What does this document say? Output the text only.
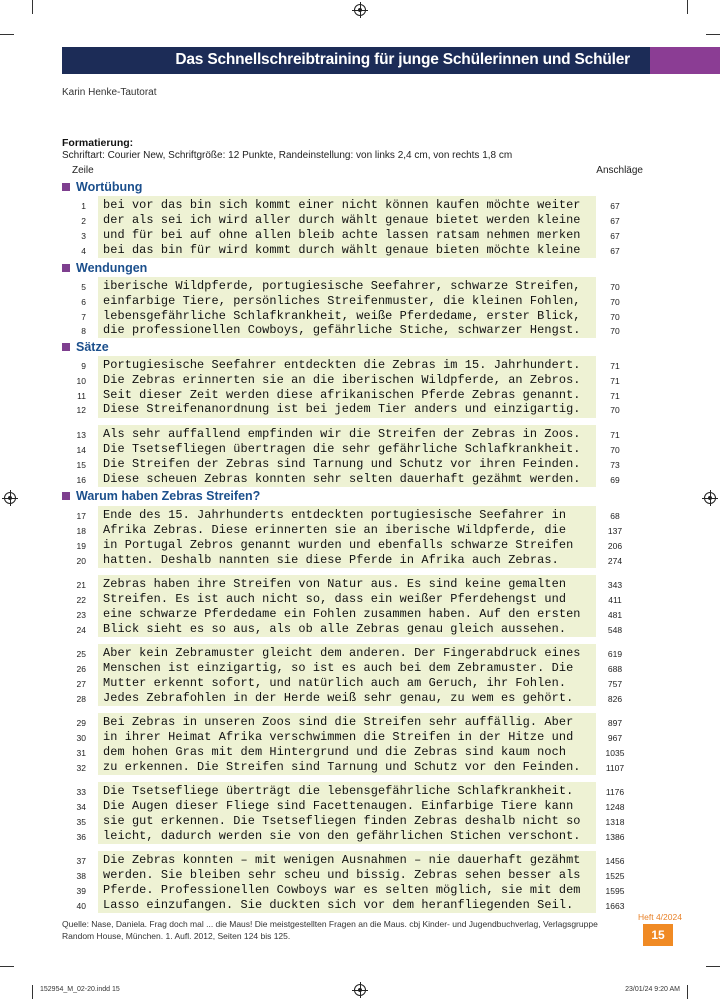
Das Schnellschreibtraining für junge Schülerinnen und Schüler
Karin Henke-Tautorat
Formatierung:
Schriftart: Courier New, Schriftgröße: 12 Punkte, Randeinstellung: von links 2,4 cm, von rechts 1,8 cm
Zeile	Anschläge
Wortübung
Wendungen
Sätze
Warum haben Zebras Streifen?
1 bei vor das bin sich kommt einer nicht können kaufen möchte weiter	67
2 der als sei ich wird aller durch wählt genaue bietet werden kleine	67
3 und für bei auf ohne allen bleib achte lassen ratsam nehmen merken	67
4 bei das bin für wird kommt durch wählt genaue bieten möchte kleine	67
5 iberische Wildpferde, portugiesische Seefahrer, schwarze Streifen,	70
6 einfarbige Tiere, persönliches Streifenmuster, die kleinen Fohlen,	70
7 lebensgefährliche Schlafkrankheit, weiße Pferdedame, erster Blick,	70
8 die professionellen Cowboys, gefährliche Stiche, schwarzer Hengst.	70
9 Portugiesische Seefahrer entdeckten die Zebras im 15. Jahrhundert.	71
10 Die Zebras erinnerten sie an die iberischen Wildpferde, an Zebros.	71
11 Seit dieser Zeit werden diese afrikanischen Pferde Zebras genannt.	71
12 Diese Streifenanordnung ist bei jedem Tier anders und einzigartig.	70
13 Als sehr auffallend empfinden wir die Streifen der Zebras in Zoos.	71
14 Die Tsetsefliegen übertragen die sehr gefährliche Schlafkrankheit.	70
15 Die Streifen der Zebras sind Tarnung und Schutz vor ihren Feinden.	73
16 Diese scheuen Zebras konnten sehr selten dauerhaft gezähmt werden.	69
17 Ende des 15. Jahrhunderts entdeckten portugiesische Seefahrer in	68
18 Afrika Zebras. Diese erinnerten sie an iberische Wildpferde, die	137
19 in Portugal Zebros genannt wurden und ebenfalls schwarze Streifen	206
20 hatten. Deshalb nannten sie diese Pferde in Afrika auch Zebras.	274
21 Zebras haben ihre Streifen von Natur aus. Es sind keine gemalten	343
22 Streifen. Es ist auch nicht so, dass ein weißer Pferdehengst und	411
23 eine schwarze Pferdedame ein Fohlen zusammen haben. Auf den ersten	481
24 Blick sieht es so aus, als ob alle Zebras genau gleich aussehen.	548
25 Aber kein Zebramuster gleicht dem anderen. Der Fingerabdruck eines	619
26 Menschen ist einzigartig, so ist es auch bei dem Zebramuster. Die	688
27 Mutter erkennt sofort, und natürlich auch am Geruch, ihr Fohlen.	757
28 Jedes Zebrafohlen in der Herde weiß sehr genau, zu wem es gehört.	826
29 Bei Zebras in unseren Zoos sind die Streifen sehr auffällig. Aber	897
30 in ihrer Heimat Afrika verschwimmen die Streifen in der Hitze und	967
31 dem hohen Gras mit dem Hintergrund und die Zebras sind kaum noch	1035
32 zu erkennen. Die Streifen sind Tarnung und Schutz vor den Feinden.	1107
33 Die Tsetsefliege überträgt die lebensgefährliche Schlafkrankheit.	1176
34 Die Augen dieser Fliege sind Facettenaugen. Einfarbige Tiere kann	1248
35 sie gut erkennen. Die Tsetsefliegen finden Zebras deshalb nicht so	1318
36 leicht, dadurch werden sie von den gefährlichen Stichen verschont.	1386
37 Die Zebras konnten – mit wenigen Ausnahmen – nie dauerhaft gezähmt	1456
38 werden. Sie bleiben sehr scheu und bissig. Zebras sehen besser als	1525
39 Pferde. Professionellen Cowboys war es selten möglich, sie mit dem	1595
40 Lasso einzufangen. Sie duckten sich vor dem heranfliegenden Seil.	1663
Quelle: Nase, Daniela. Frag doch mal ... die Maus! Die meistgestellten Fragen an die Maus. cbj Kinder- und Jugendbuchverlag, Verlagsgruppe Random House, München. 1. Aufl. 2012, Seiten 124 bis 125.
Heft 4/2024
15
152954_M_02-20.indd 15	23/01/24 9:20 AM
